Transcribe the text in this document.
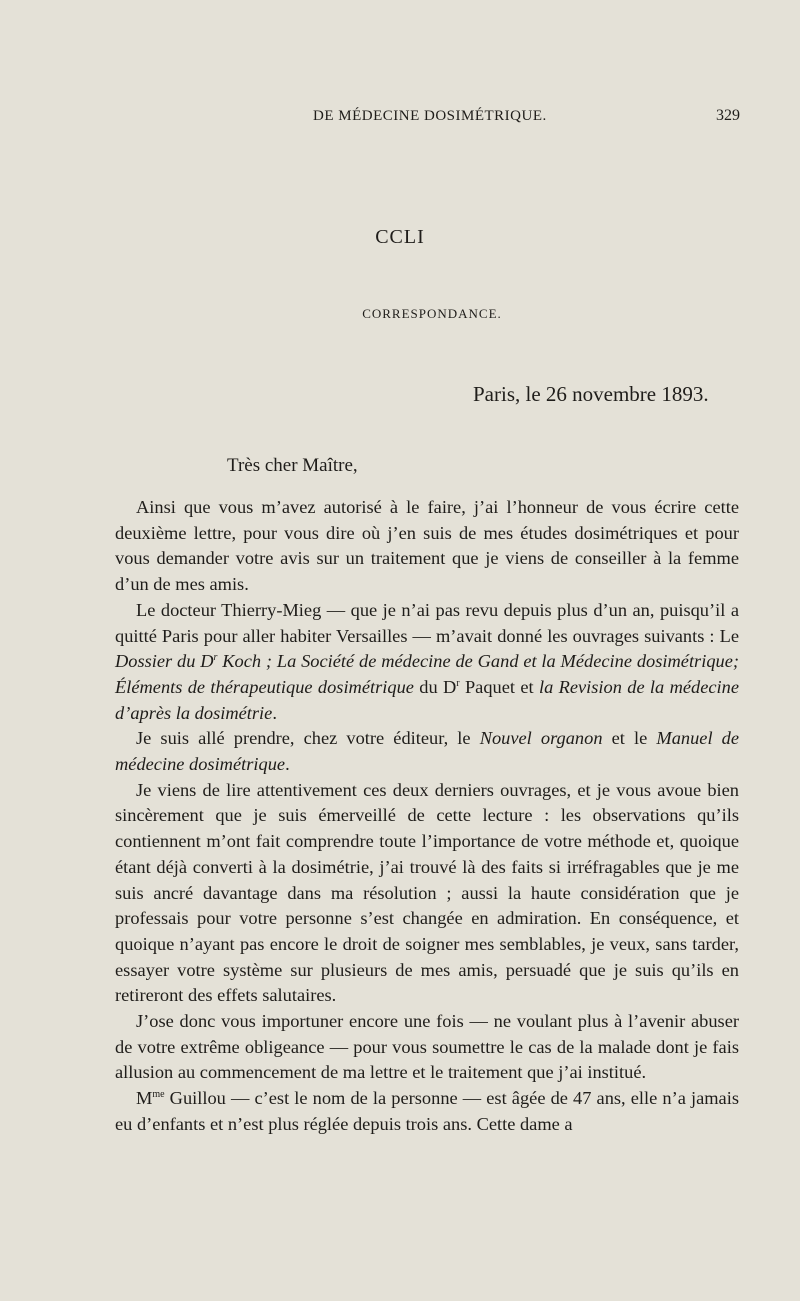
DE MÉDECINE DOSIMÉTRIQUE.	329
CCLI
CORRESPONDANCE.
Paris, le 26 novembre 1893.
Très cher Maître,

Ainsi que vous m’avez autorisé à le faire, j’ai l’honneur de vous écrire cette deuxième lettre, pour vous dire où j’en suis de mes études dosimétriques et pour vous demander votre avis sur un traitement que je viens de conseiller à la femme d’un de mes amis.

Le docteur Thierry-Mieg — que je n’ai pas revu depuis plus d’un an, puisqu’il a quitté Paris pour aller habiter Versailles — m’avait donné les ouvrages suivants : Le Dossier du $D^r$ Koch ; La Société de médecine de Gand et la Médecine dosimétrique; Éléments de thérapeutique dosimétrique du $D^r$ Paquet et la Revision de la médecine d’après la dosimétrie.

Je suis allé prendre, chez votre éditeur, le Nouvel organon et le Manuel de médecine dosimétrique.

Je viens de lire attentivement ces deux derniers ouvrages, et je vous avoue bien sincèrement que je suis émerveillé de cette lecture : les observations qu’ils contiennent m’ont fait comprendre toute l’importance de votre méthode et, quoique étant déjà converti à la dosimétrie, j’ai trouvé là des faits si irréfragables que je me suis ancré davantage dans ma résolution ; aussi la haute considération que je professais pour votre personne s’est changée en admiration. En conséquence, et quoique n’ayant pas encore le droit de soigner mes semblables, je veux, sans tarder, essayer votre système sur plusieurs de mes amis, persuadé que je suis qu’ils en retireront des effets salutaires.

J’ose donc vous importuner encore une fois — ne voulant plus à l’avenir abuser de votre extrême obligeance — pour vous soumettre le cas de la malade dont je fais allusion au commencement de ma lettre et le traitement que j’ai institué.

$M^{me}$ Guillou — c’est le nom de la personne — est âgée de 47 ans, elle n’a jamais eu d’enfants et n’est plus réglée depuis trois ans. Cette dame a
